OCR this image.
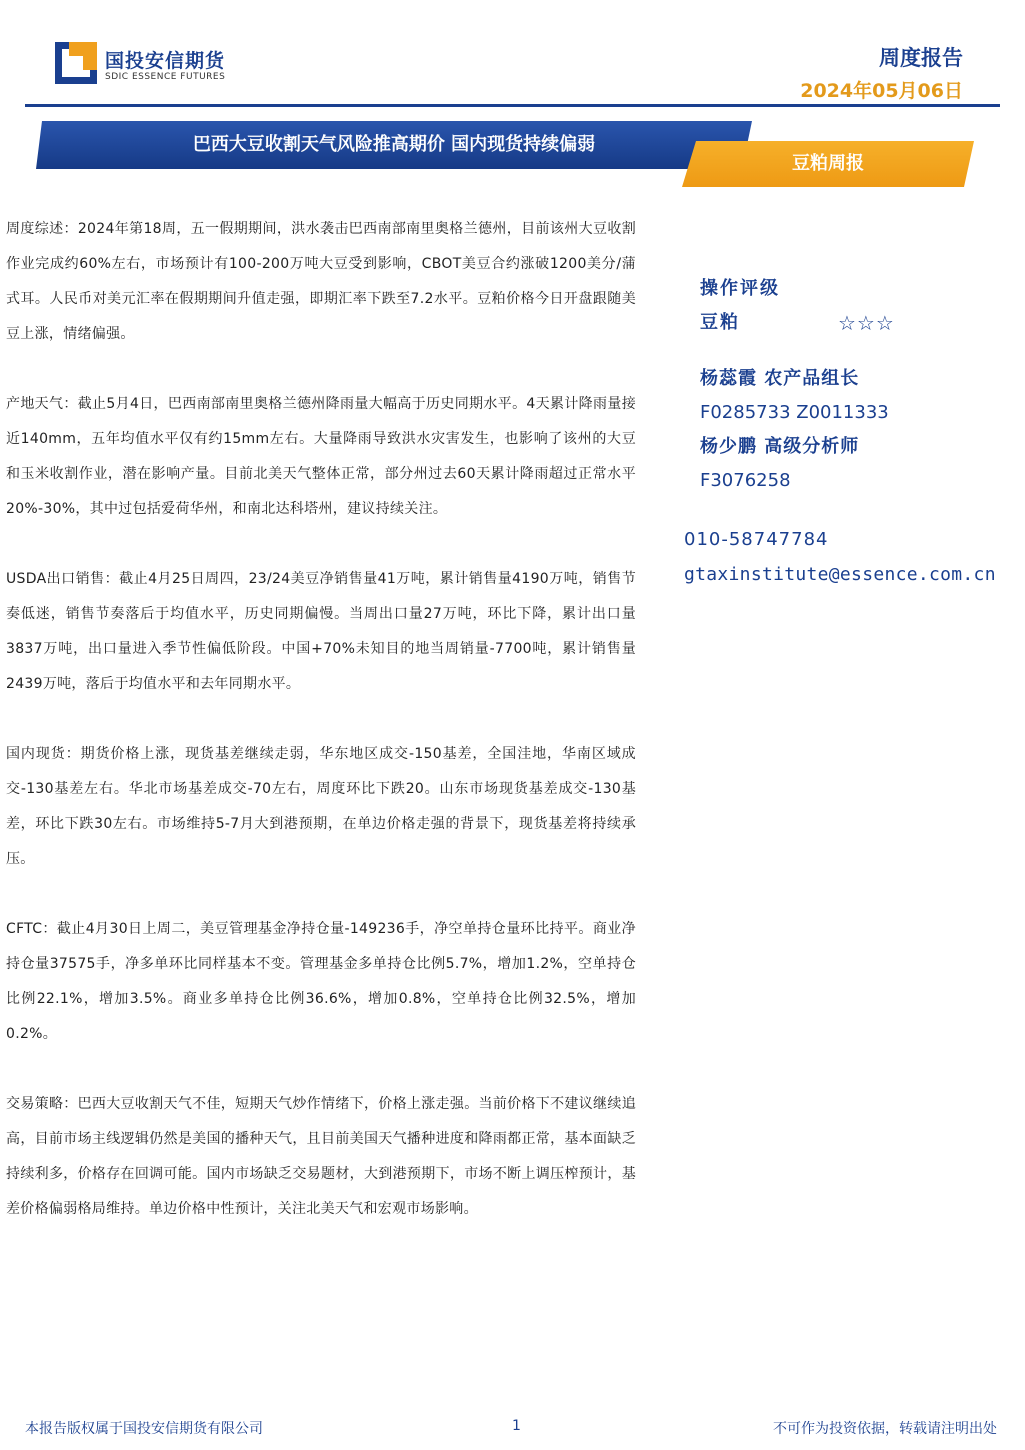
国投安信期货
SDIC ESSENCE FUTURES
周度报告
2024年05月06日
巴西大豆收割天气风险推高期价 国内现货持续偏弱
豆粕周报

周度综述：2024年第18周，五一假期期间，洪水袭击巴西南部南里奥格兰德州，目前该州大豆收割作业完成约60%左右，市场预计有100-200万吨大豆受到影响，CBOT美豆合约涨破1200美分/蒲式耳。人民币对美元汇率在假期期间升值走强，即期汇率下跌至7.2水平。豆粕价格今日开盘跟随美豆上涨，情绪偏强。

产地天气：截止5月4日，巴西南部南里奥格兰德州降雨量大幅高于历史同期水平。4天累计降雨量接近140mm，五年均值水平仅有约15mm左右。大量降雨导致洪水灾害发生，也影响了该州的大豆和玉米收割作业，潜在影响产量。目前北美天气整体正常，部分州过去60天累计降雨超过正常水平20%-30%，其中过包括爱荷华州，和南北达科塔州，建议持续关注。

USDA出口销售：截止4月25日周四，23/24美豆净销售量41万吨，累计销售量4190万吨，销售节奏低迷，销售节奏落后于均值水平，历史同期偏慢。当周出口量27万吨，环比下降，累计出口量3837万吨，出口量进入季节性偏低阶段。中国+70%未知目的地当周销量-7700吨，累计销售量2439万吨，落后于均值水平和去年同期水平。

国内现货：期货价格上涨，现货基差继续走弱，华东地区成交-150基差，全国洼地，华南区域成交-130基差左右。华北市场基差成交-70左右，周度环比下跌20。山东市场现货基差成交-130基差，环比下跌30左右。市场维持5-7月大到港预期，在单边价格走强的背景下，现货基差将持续承压。

CFTC：截止4月30日上周二，美豆管理基金净持仓量-149236手，净空单持仓量环比持平。商业净持仓量37575手，净多单环比同样基本不变。管理基金多单持仓比例5.7%，增加1.2%，空单持仓比例22.1%，增加3.5%。商业多单持仓比例36.6%，增加0.8%，空单持仓比例32.5%，增加0.2%。

交易策略：巴西大豆收割天气不佳，短期天气炒作情绪下，价格上涨走强。当前价格下不建议继续追高，目前市场主线逻辑仍然是美国的播种天气，且目前美国天气播种进度和降雨都正常，基本面缺乏持续利多，价格存在回调可能。国内市场缺乏交易题材，大到港预期下，市场不断上调压榨预计，基差价格偏弱格局维持。单边价格中性预计，关注北美天气和宏观市场影响。

操作评级
豆粕	☆☆☆
杨蕊霞 农产品组长
F0285733 Z0011333
杨少鹏 高级分析师
F3076258
010-58747784
gtaxinstitute@essence.com.cn
本报告版权属于国投安信期货有限公司	1	不可作为投资依据，转载请注明出处
